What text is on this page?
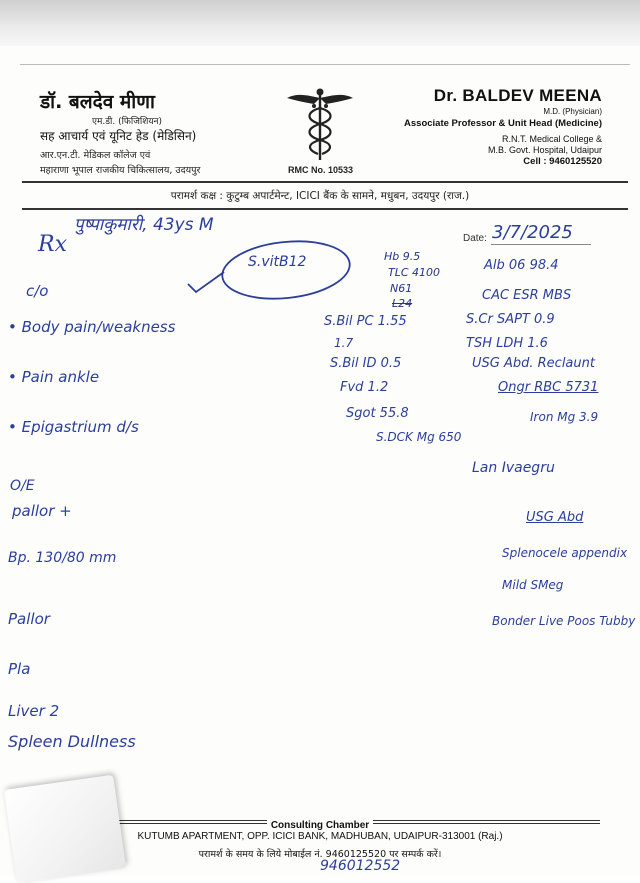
डॉ. बलदेव मीणा
एम.डी. (फिजिशियन)
सह आचार्य एवं यूनिट हेड (मेडिसिन)
आर.एन.टी. मेडिकल कॉलेज एवं
महाराणा भूपाल राजकीय चिकित्सालय, उदयपुर	RMC No. 10533
Dr. BALDEV MEENA
M.D. (Physician)
Associate Professor & Unit Head (Medicine)
R.N.T. Medical College &
M.B. Govt. Hospital, Udaipur
Cell : 9460125520
परामर्श कक्ष : कुटुम्ब अपार्टमेन्ट, ICICI बैंक के सामने, मधुबन, उदयपुर (राज.)
Date: 3/7/2025
पुष्पाकुमारी, 43ys M
Rx
S.vitB12
c/o
• Body pain/weakness
• Pain ankle
• Epigastrium d/s
O/E
pallor +
Bp. 130/80 mm
Pallor
Pla
Liver 2
Spleen Dullness
Hb 9.5
TLC 4100
N61
L24
S.Bil PC 1.55
1.7
S.Bil ID 0.5
Fvd 1.2
Sgot 55.8
S.DCK Mg 650
Alb 06 98.4
CAC ESR MBS
S.Cr SAPT 0.9
TSH LDH 1.6
USG Abd. Reclaunt
Ongr RBC 5731
Iron Mg 3.9
Lan Ivaegru
USG Abd
Splenocele appendix
Mild SMeg
Bonder Live Poos Tubby
Consulting Chamber
KUTUMB APARTMENT, OPP. ICICI BANK, MADHUBAN, UDAIPUR-313001 (Raj.)
परामर्श के समय के लिये मोबाईल नं. 9460125520 पर सम्पर्क करें।
946012552
